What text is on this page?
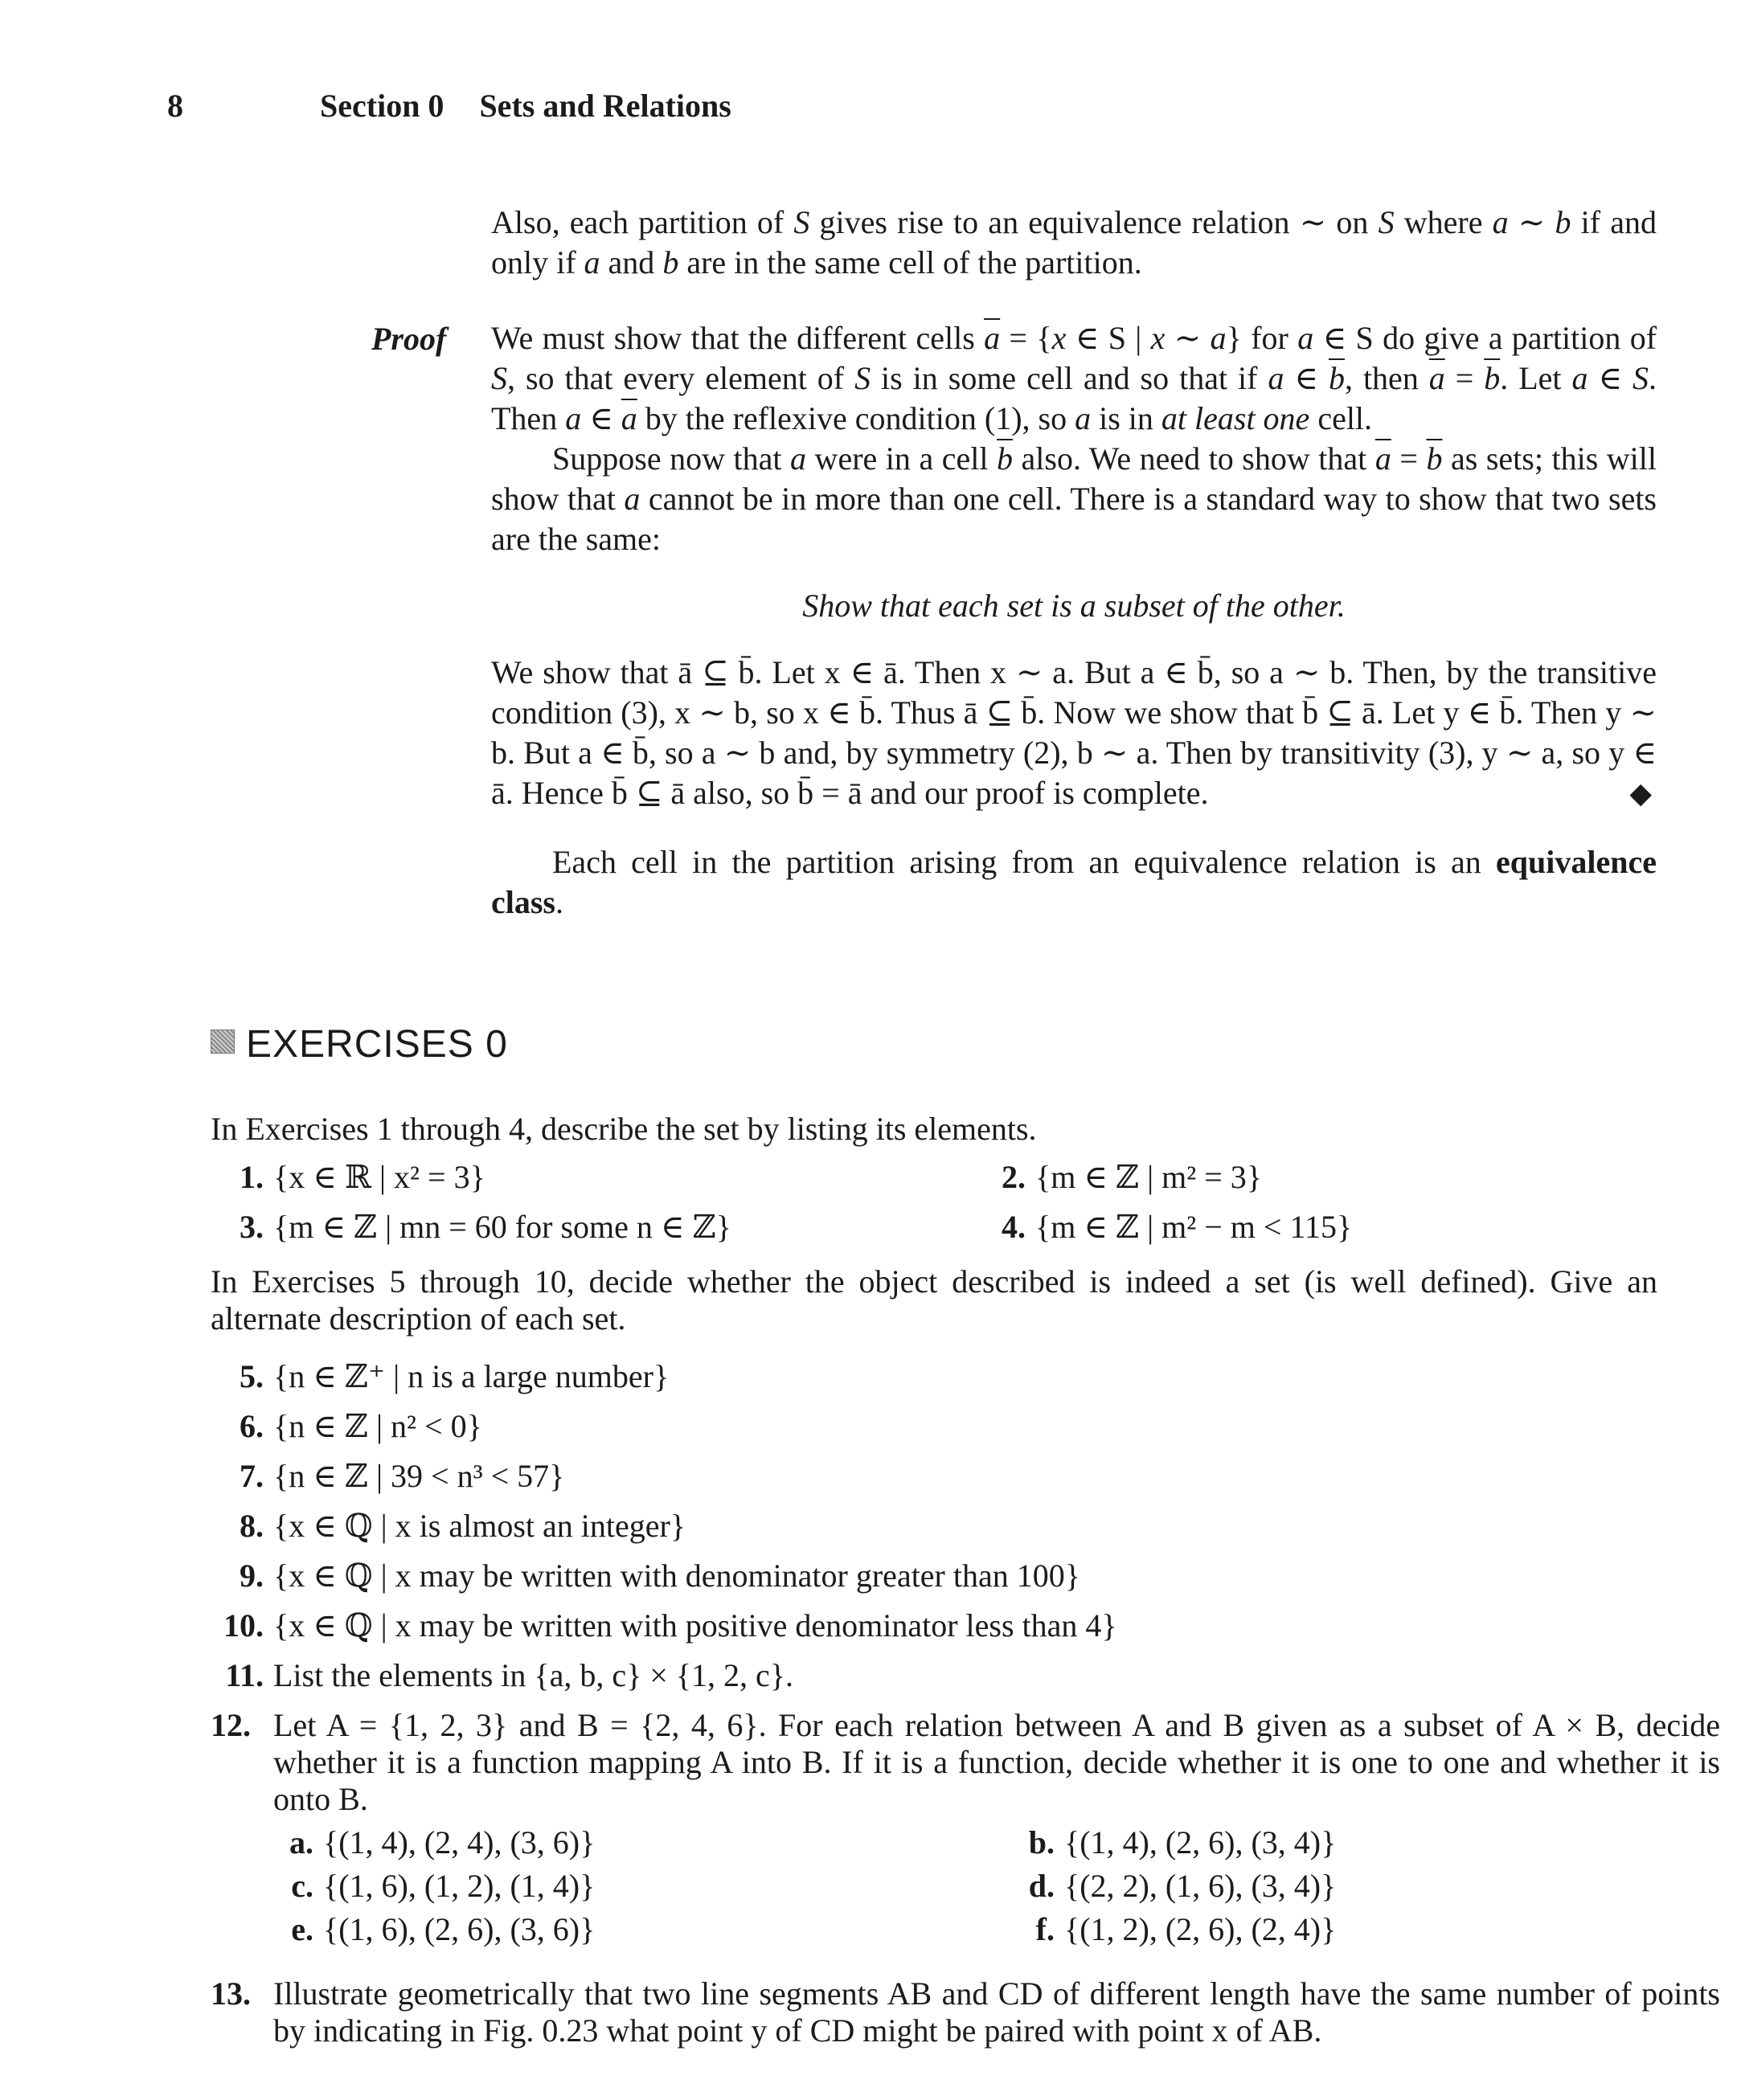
8	Section 0 Sets and Relations

Also, each partition of S gives rise to an equivalence relation ∼ on S where a ∼ b if and only if a and b are in the same cell of the partition.

Proof We must show that the different cells $\overline{a} = \{x$ ∈ S | x ∼ a} for a ∈ S do give a partition of S, so that every element of S is in some cell and so that if a ∈ $\overline{b}$, then $\overline{a} = \overline{b}$. Let a ∈ S. Then a ∈ $\overline{a}$ by the reflexive condition (1), so a is in at least one cell.

Suppose now that a were in a cell $\overline{b}$ also. We need to show that $\overline{a} = \overline{b}$ as sets; this will show that a cannot be in more than one cell. There is a standard way to show that two sets are the same:

Show that each set is a subset of the other.

We show that ā ⊆ b̄. Let x ∈ ā. Then x ∼ a. But a ∈ b̄, so a ∼ b. Then, by the transitive condition (3), x ∼ b, so x ∈ b̄. Thus ā ⊆ b̄. Now we show that b̄ ⊆ ā. Let y ∈ b̄. Then y ∼ b. But a ∈ b̄, so a ∼ b and, by symmetry (2), b ∼ a. Then by transitivity (3), y ∼ a, so y ∈ ā. Hence b̄ ⊆ ā also, so b̄ = ā and our proof is complete.	◆

Each cell in the partition arising from an equivalence relation is an equivalence class.

EXERCISES 0
In Exercises 1 through 4, describe the set by listing its elements.
1. {x ∈ ℝ | x² = 3}	2. {m ∈ ℤ | m² = 3}
3. {m ∈ ℤ | mn = 60 for some n ∈ ℤ}	4. {m ∈ ℤ | m² − m < 115}

In Exercises 5 through 10, decide whether the object described is indeed a set (is well defined). Give an alternate description of each set.

5. {n ∈ ℤ⁺ | n is a large number}
6. {n ∈ ℤ | n² < 0}
7. {n ∈ ℤ | 39 < n³ < 57}
8. {x ∈ ℚ | x is almost an integer}
9. {x ∈ ℚ | x may be written with denominator greater than 100}
10. {x ∈ ℚ | x may be written with positive denominator less than 4}
11. List the elements in {a, b, c} × {1, 2, c}.

12. Let A = {1, 2, 3} and B = {2, 4, 6}. For each relation between A and B given as a subset of A × B, decide whether it is a function mapping A into B. If it is a function, decide whether it is one to one and whether it is onto B.

a. {(1, 4), (2, 4), (3, 6)}	b. {(1, 4), (2, 6), (3, 4)}
c. {(1, 6), (1, 2), (1, 4)}	d. {(2, 2), (1, 6), (3, 4)}
e. {(1, 6), (2, 6), (3, 6)}	f. {(1, 2), (2, 6), (2, 4)}

13. Illustrate geometrically that two line segments AB and CD of different length have the same number of points by indicating in Fig. 0.23 what point y of CD might be paired with point x of AB.
